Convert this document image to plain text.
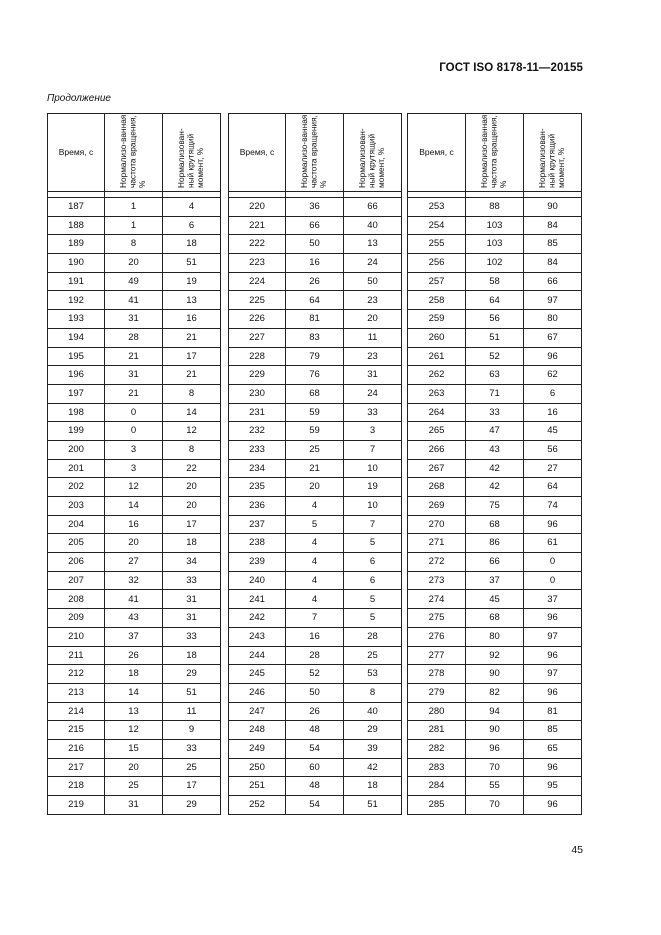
ГОСТ ISO 8178-11—20155
Продолжение
Время, с	Нормализо-ванная частота вращения, %	Нормализован-ный крутящий момент, %

187	1	4
188	1	6
189	8	18
190	20	51
191	49	19
192	41	13
193	31	16
194	28	21
195	21	17
196	31	21
197	21	8
198	0	14
199	0	12
200	3	8
201	3	22
202	12	20
203	14	20
204	16	17
205	20	18
206	27	34
207	32	33
208	41	31
209	43	31
210	37	33
211	26	18
212	18	29
213	14	51
214	13	11
215	12	9
216	15	33
217	20	25
218	25	17
219	31	29
Время, с	Нормализо-ванная частота вращения, %	Нормализован-ный крутящий момент, %

220	36	66
221	66	40
222	50	13
223	16	24
224	26	50
225	64	23
226	81	20
227	83	11
228	79	23
229	76	31
230	68	24
231	59	33
232	59	3
233	25	7
234	21	10
235	20	19
236	4	10
237	5	7
238	4	5
239	4	6
240	4	6
241	4	5
242	7	5
243	16	28
244	28	25
245	52	53
246	50	8
247	26	40
248	48	29
249	54	39
250	60	42
251	48	18
252	54	51
Время, с	Нормализо-ванная частота вращения, %	Нормализован-ный крутящий момент, %

253	88	90
254	103	84
255	103	85
256	102	84
257	58	66
258	64	97
259	56	80
260	51	67
261	52	96
262	63	62
263	71	6
264	33	16
265	47	45
266	43	56
267	42	27
268	42	64
269	75	74
270	68	96
271	86	61
272	66	0
273	37	0
274	45	37
275	68	96
276	80	97
277	92	96
278	90	97
279	82	96
280	94	81
281	90	85
282	96	65
283	70	96
284	55	95
285	70	96
45
